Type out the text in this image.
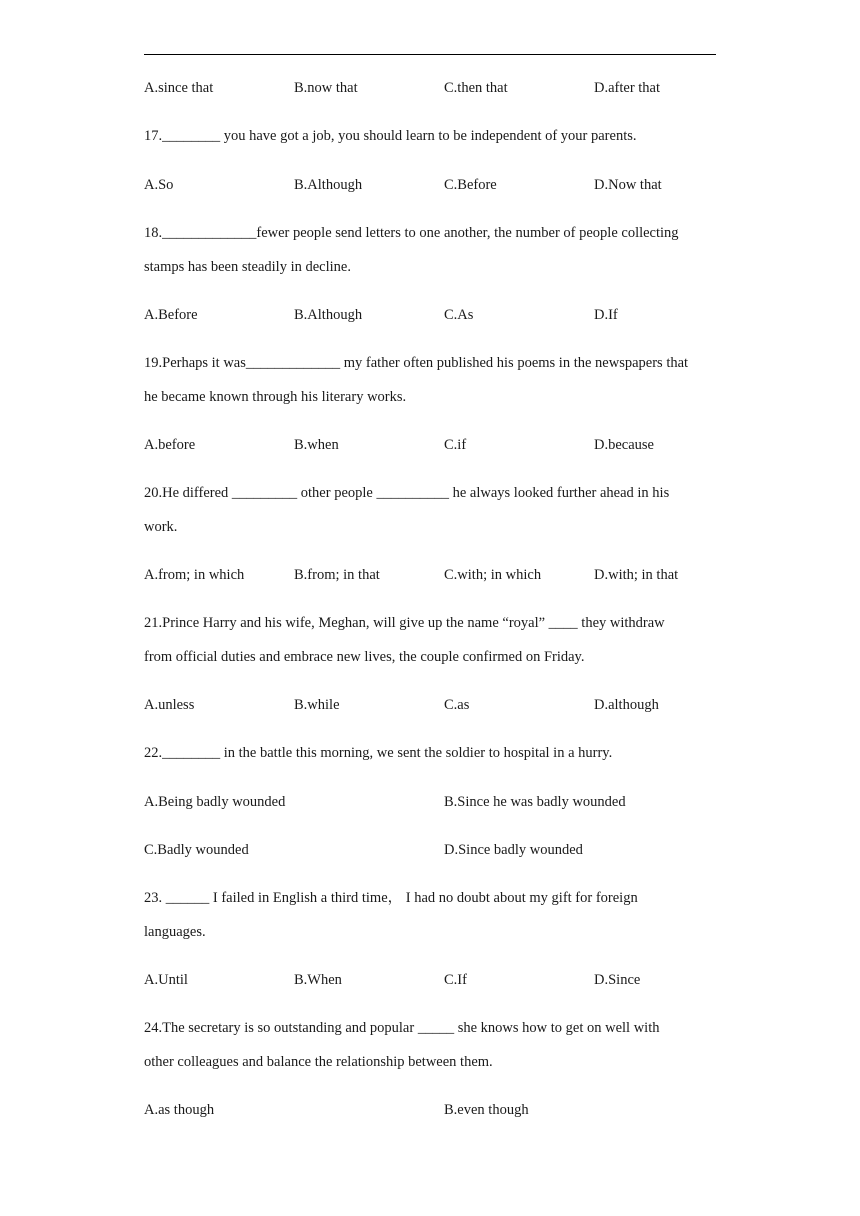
A.since that	B.now that	C.then that	D.after that
17.________ you have got a job, you should learn to be independent of your parents.
A.So	B.Although	C.Before	D.Now that
18._____________fewer people send letters to one another, the number of people collecting
stamps has been steadily in decline.
A.Before	B.Although	C.As	D.If
19.Perhaps it was_____________ my father often published his poems in the newspapers that
he became known through his literary works.
A.before	B.when	C.if	D.because
20.He differed _________ other people __________ he always looked further ahead in his
work.
A.from; in which	B.from; in that	C.with; in which	D.with; in that
21.Prince Harry and his wife, Meghan, will give up the name “royal” ____ they withdraw
from official duties and embrace new lives, the couple confirmed on Friday.
A.unless	B.while	C.as	D.although
22.________ in the battle this morning, we sent the soldier to hospital in a hurry.
A.Being badly wounded	B.Since he was badly wounded
C.Badly wounded	D.Since badly wounded
23. ______ I failed in English a third time， I had no doubt about my gift for foreign
languages.
A.Until	B.When	C.If	D.Since
24.The secretary is so outstanding and popular _____ she knows how to get on well with
other colleagues and balance the relationship between them.
A.as though	B.even though
